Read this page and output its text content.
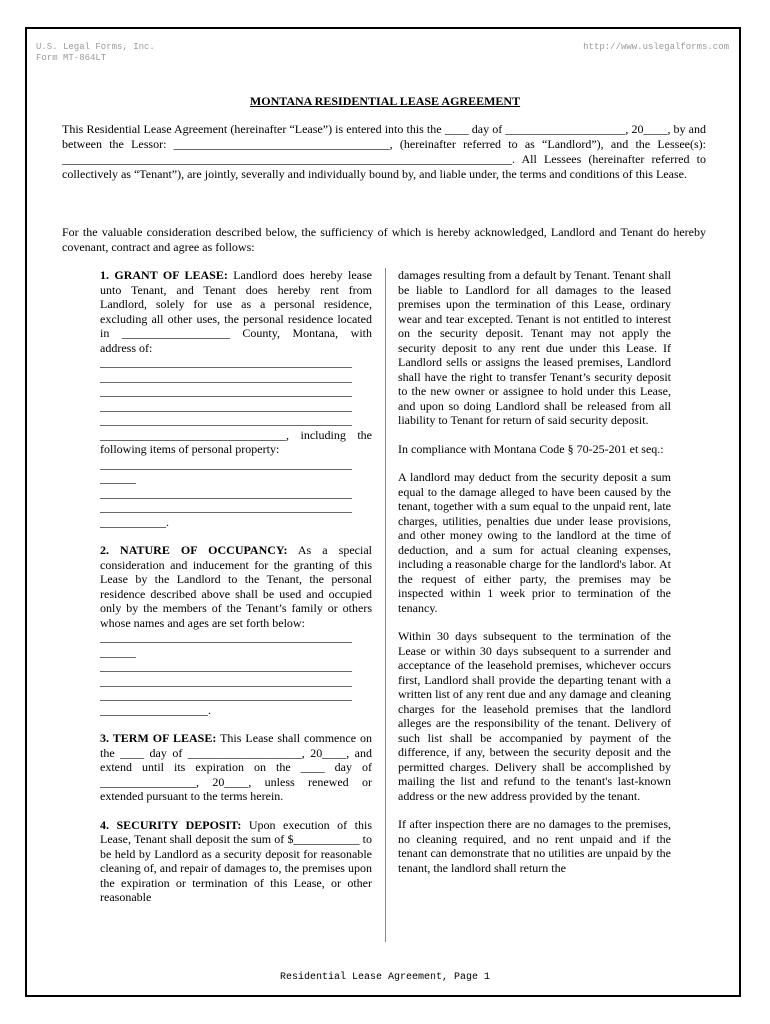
U.S. Legal Forms, Inc.
Form MT-864LT
http://www.uslegalforms.com
MONTANA RESIDENTIAL LEASE AGREEMENT
This Residential Lease Agreement (hereinafter “Lease”) is entered into this the ____ day of ____________________, 20____, by and between the Lessor: ____________________________________, (hereinafter referred to as “Landlord”), and the Lessee(s): ___________________________________________________________________________. All Lessees (hereinafter referred to collectively as “Tenant”), are jointly, severally and individually bound by, and liable under, the terms and conditions of this Lease.
For the valuable consideration described below, the sufficiency of which is hereby acknowledged, Landlord and Tenant do hereby covenant, contract and agree as follows:

1. GRANT OF LEASE: Landlord does hereby lease unto Tenant, and Tenant does hereby rent from Landlord, solely for use as a personal residence, excluding all other uses, the personal residence located in __________________ County, Montana, with address of:

__________________________________________ __________________________________________ __________________________________________ __________________________________________ __________________________________________ _______________________________, including the following items of personal property:

__________________________________________ ______ __________________________________________ __________________________________________ ___________.

2. NATURE OF OCCUPANCY: As a special consideration and inducement for the granting of this Lease by the Landlord to the Tenant, the personal residence described above shall be used and occupied only by the members of the Tenant’s family or others whose names and ages are set forth below:

__________________________________________ ______ __________________________________________ __________________________________________ __________________________________________ __________________.

3. TERM OF LEASE: This Lease shall commence on the ____ day of ___________________, 20____, and extend until its expiration on the ____ day of ________________, 20____, unless renewed or extended pursuant to the terms herein.

4. SECURITY DEPOSIT: Upon execution of this Lease, Tenant shall deposit the sum of $___________ to be held by Landlord as a security deposit for reasonable cleaning of, and repair of damages to, the premises upon the expiration or termination of this Lease, or other reasonable

damages resulting from a default by Tenant. Tenant shall be liable to Landlord for all damages to the leased premises upon the termination of this Lease, ordinary wear and tear excepted. Tenant is not entitled to interest on the security deposit. Tenant may not apply the security deposit to any rent due under this Lease. If Landlord sells or assigns the leased premises, Landlord shall have the right to transfer Tenant’s security deposit to the new owner or assignee to hold under this Lease, and upon so doing Landlord shall be released from all liability to Tenant for return of said security deposit.

In compliance with Montana Code § 70-25-201 et seq.:

A landlord may deduct from the security deposit a sum equal to the damage alleged to have been caused by the tenant, together with a sum equal to the unpaid rent, late charges, utilities, penalties due under lease provisions, and other money owing to the landlord at the time of deduction, and a sum for actual cleaning expenses, including a reasonable charge for the landlord's labor. At the request of either party, the premises may be inspected within 1 week prior to termination of the tenancy.

Within 30 days subsequent to the termination of the Lease or within 30 days subsequent to a surrender and acceptance of the leasehold premises, whichever occurs first, Landlord shall provide the departing tenant with a written list of any rent due and any damage and cleaning charges for the leasehold premises that the landlord alleges are the responsibility of the tenant. Delivery of such list shall be accompanied by payment of the difference, if any, between the security deposit and the permitted charges. Delivery shall be accomplished by mailing the list and refund to the tenant's last-known address or the new address provided by the tenant.

If after inspection there are no damages to the premises, no cleaning required, and no rent unpaid and if the tenant can demonstrate that no utilities are unpaid by the tenant, the landlord shall return the

Residential Lease Agreement, Page 1
